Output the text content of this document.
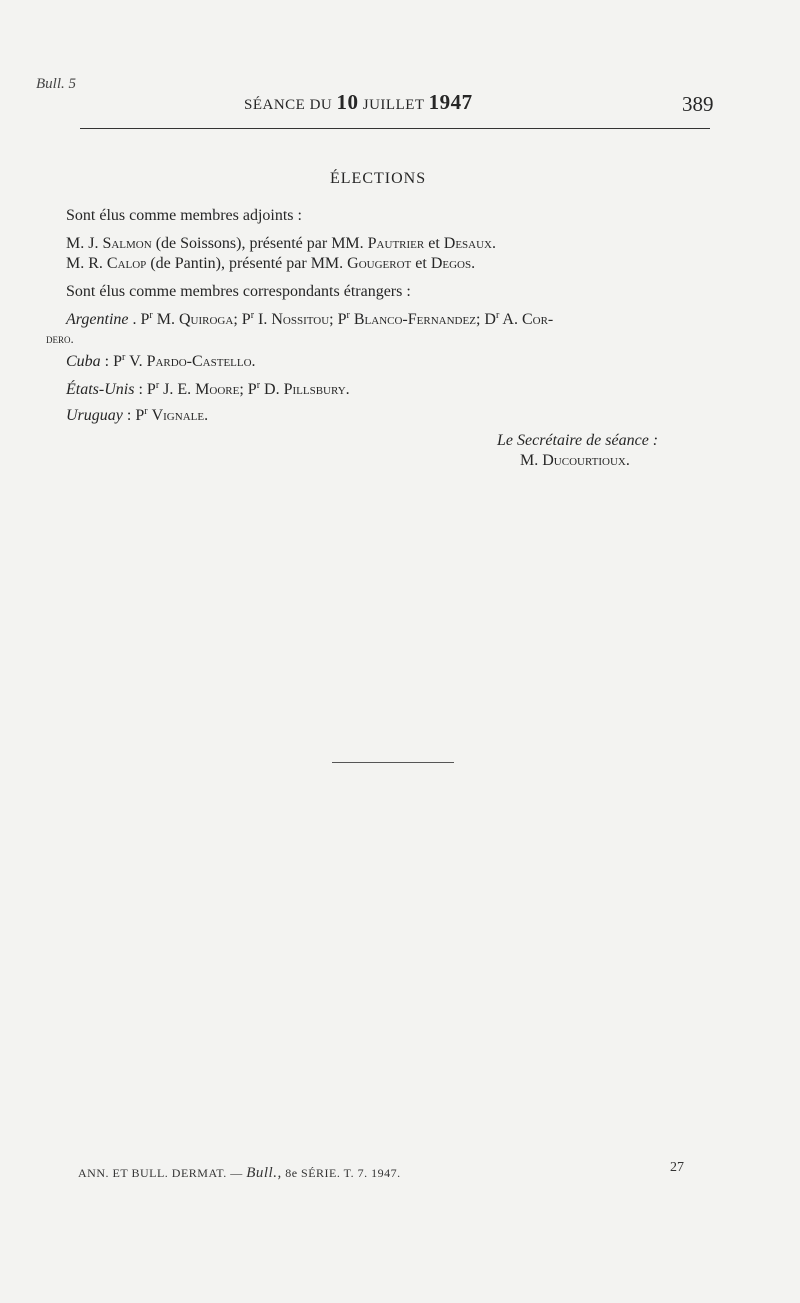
Bull. 5
SÉANCE DU 10 JUILLET 1947	389
ÉLECTIONS
Sont élus comme membres adjoints :
M. J. Salmon (de Soissons), présenté par MM. Pautrier et Desaux.
M. R. Calop (de Pantin), présenté par MM. Gougerot et Degos.
Sont élus comme membres correspondants étrangers :
Argentine . $P^r$ M. Quiroga; $P^r$ I. Nossitou; $P^r$ Blanco-Fernandez; $D^r$ A. Cor-
dero.
Cuba : $P^r$ V. Pardo-Castello.
États-Unis : $P^r$ J. E. Moore; $P^r$ D. Pillsbury.
Uruguay : $P^r$ Vignale.
Le Secrétaire de séance :
M. Ducourtioux.
ANN. ET BULL. DERMAT. — Bull., 8e SÉRIE. T. 7. 1947.	27
